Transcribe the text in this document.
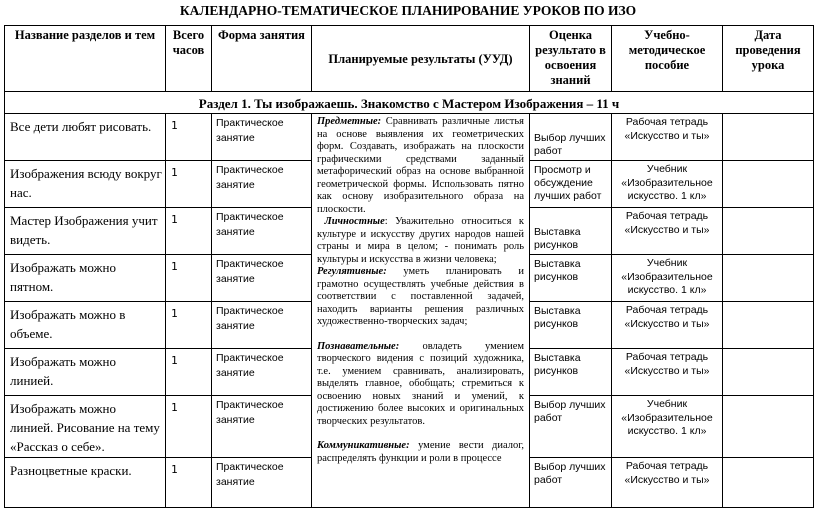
КАЛЕНДАРНО-ТЕМАТИЧЕСКОЕ ПЛАНИРОВАНИЕ УРОКОВ ПО ИЗО
Название разделов и тем	Всего часов	Форма занятия	Планируемые результаты (УУД)	Оценка результато в освоения знаний	Учебно-методическое пособие	Дата проведения урока
Раздел 1. Ты изображаешь. Знакомство с Мастером Изображения – 11 ч						
Все дети любят рисовать.	1	Практическое занятие	Предметные: Сравнивать различные листья на основе выявления их геометрических форм. Создавать, изображать на плоскости графическими средствами заданный метафорический образ на основе выбранной геометрической формы. Использовать пятно как основу изобразительного образа на плоскости.

Личностные: Уважительно относиться к культуре и искусству других народов нашей страны и мира в целом; - понимать роль культуры и искусства в жизни человека;

Регулятивные: уметь планировать и грамотно осуществлять учебные действия в соответствии с поставленной задачей, находить варианты решения различных художественно-творческих задач;

Познавательные: овладеть умением творческого видения с позиций художника, т.е. умением сравнивать, анализировать, выделять главное, обобщать; стремиться к освоению новых знаний и умений, к достижению более высоких и оригинальных творческих результатов.

Коммуникативные: умение вести диалог, распределять функции и роли в процессе	Выбор лучших работ	Рабочая тетрадь «Искусство и ты»	
Изображения всюду вокруг нас.	1	Практическое занятие		Просмотр и обсуждение лучших работ	Учебник «Изобразительное искусство. 1 кл»	
Мастер Изображения учит видеть.	1	Практическое занятие		Выставка рисунков	Рабочая тетрадь «Искусство и ты»	
Изображать можно пятном.	1	Практическое занятие		Выставка рисунков	Учебник «Изобразительное искусство. 1 кл»	
Изображать можно в объеме.	1	Практическое занятие		Выставка рисунков	Рабочая тетрадь «Искусство и ты»	
Изображать можно линией.	1	Практическое занятие		Выставка рисунков	Рабочая тетрадь «Искусство и ты»	
Изображать можно линией. Рисование на тему «Рассказ о себе».	1	Практическое занятие		Выбор лучших работ	Учебник «Изобразительное искусство. 1 кл»	
Разноцветные краски.	1	Практическое занятие		Выбор лучших работ	Рабочая тетрадь «Искусство и ты»	
